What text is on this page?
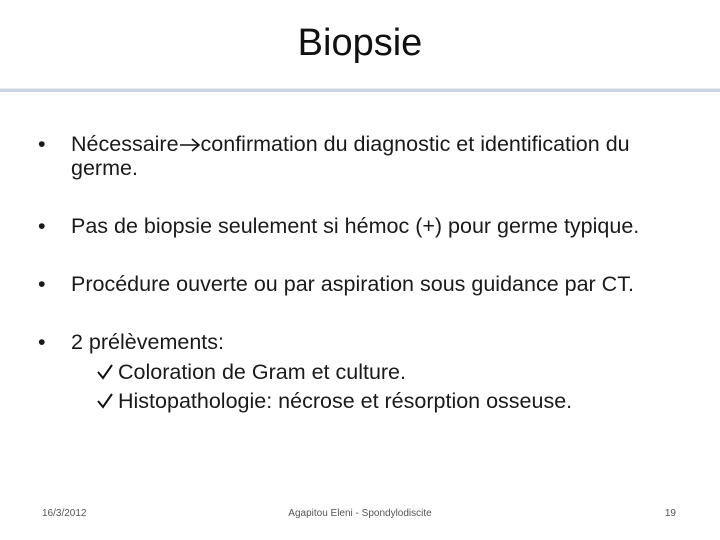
Biopsie
•	Nécessaire confirmation du diagnostic et identification du germe.
•	Pas de biopsie seulement si hémoc (+) pour germe typique.
•	Procédure ouverte ou par aspiration sous guidance par CT.
•	2 prélèvements:
Coloration de Gram et culture.
Histopathologie: nécrose et résorption osseuse.
16/3/2012	Agapitou Eleni - Spondylodiscite	19
